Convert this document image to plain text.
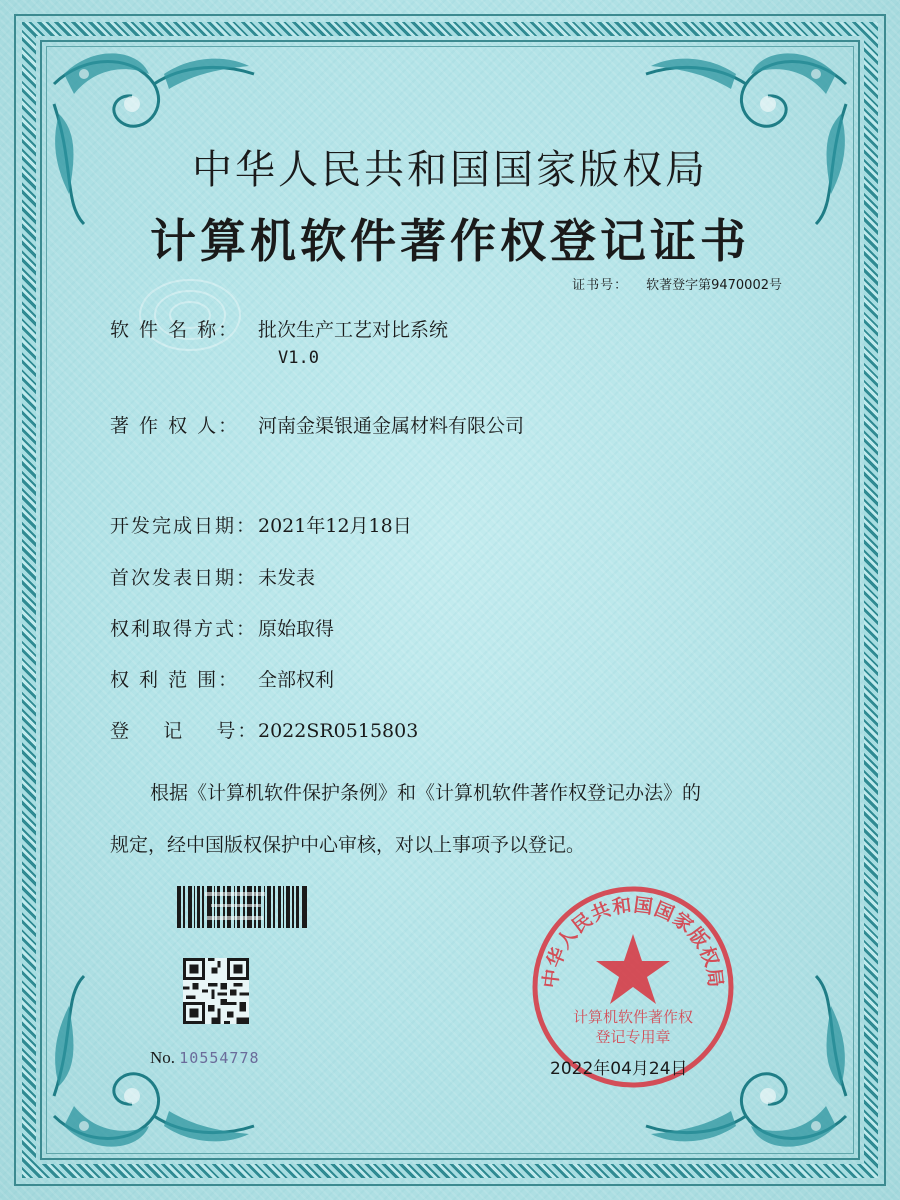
中华人民共和国国家版权局
计算机软件著作权登记证书
证书号： 软著登字第9470002号
软 件 名 称： 批次生产工艺对比系统
V1.0
著 作 权 人： 河南金渠银通金属材料有限公司
开发完成日期：2021年12月18日
首次发表日期：未发表
权利取得方式：原始取得
权 利 范 围： 全部权利
登    记    号：2022SR0515803
根据《计算机软件保护条例》和《计算机软件著作权登记办法》的
规定，经中国版权保护中心审核，对以上事项予以登记。
No. 10554778
中华人民共和国国家版权局
计算机软件著作权
登记专用章
2022年04月24日
